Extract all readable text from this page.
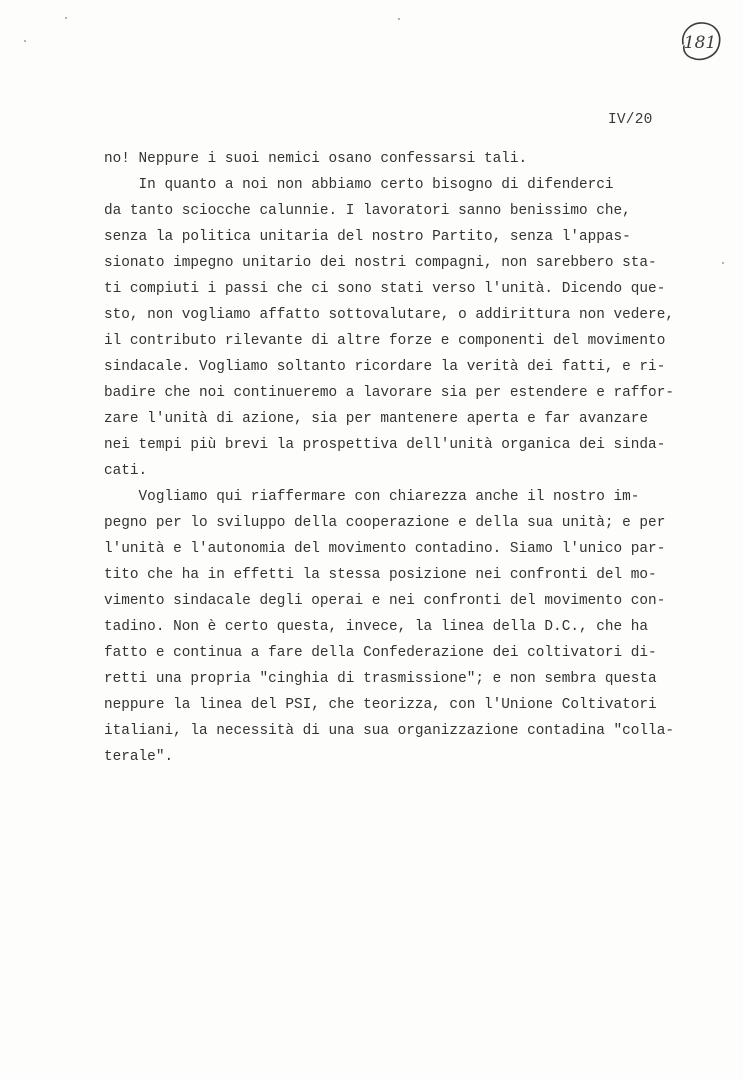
181
IV/20
no! Neppure i suoi nemici osano confessarsi tali.
In quanto a noi non abbiamo certo bisogno di difenderci
da tanto sciocche calunnie. I lavoratori sanno benissimo che,
senza la politica unitaria del nostro Partito, senza l'appas-
sionato impegno unitario dei nostri compagni, non sarebbero sta-
ti compiuti i passi che ci sono stati verso l'unità. Dicendo que-
sto, non vogliamo affatto sottovalutare, o addirittura non vedere,
il contributo rilevante di altre forze e componenti del movimento
sindacale. Vogliamo soltanto ricordare la verità dei fatti, e ri-
badire che noi continueremo a lavorare sia per estendere e raffor-
zare l'unità di azione, sia per mantenere aperta e far avanzare
nei tempi più brevi la prospettiva dell'unità organica dei sinda-
cati.
Vogliamo qui riaffermare con chiarezza anche il nostro im-
pegno per lo sviluppo della cooperazione e della sua unità; e per
l'unità e l'autonomia del movimento contadino. Siamo l'unico par-
tito che ha in effetti la stessa posizione nei confronti del mo-
vimento sindacale degli operai e nei confronti del movimento con-
tadino. Non è certo questa, invece, la linea della D.C., che ha
fatto e continua a fare della Confederazione dei coltivatori di-
retti una propria "cinghia di trasmissione"; e non sembra questa
neppure la linea del PSI, che teorizza, con l'Unione Coltivatori
italiani, la necessità di una sua organizzazione contadina "colla-
terale".
